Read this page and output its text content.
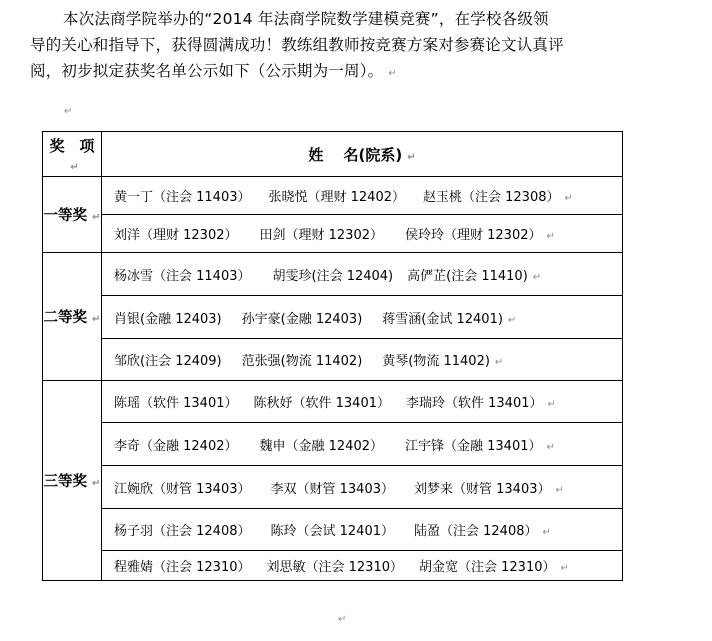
本次法商学院举办的“2014 年法商学院数学建模竞赛”，在学校各级领

导的关心和指导下，获得圆满成功！教练组教师按竞赛方案对参赛论文认真评

阅，初步拟定获奖名单公示如下（公示期为一周）。 ↵

↵
奖　项↵	姓　 名(院系) ↵
一等奖 ↵	黄一丁（注会 11403） 张晓悦（理财 12402） 赵玉桃（注会 12308） ↵
	刘洋（理财 12302） 田剑（理财 12302） 侯玲玲（理财 12302） ↵
二等奖 ↵	杨冰雪（注会 11403） 胡雯珍(注会 12404) 高俨芷(注会 11410) ↵
	肖银(金融 12403) 孙宇豪(金融 12403) 蒋雪涵(金试 12401) ↵
	邹欣(注会 12409) 范张强(物流 11402) 黄琴(物流 11402) ↵
三等奖 ↵	陈瑶（软件 13401） 陈秋妤（软件 13401） 李瑞玲（软件 13401） ↵
	李奇（金融 12402） 魏申（金融 12402） 江宇锋（金融 13401） ↵
	江婉欣（财管 13403） 李双（财管 13403） 刘梦来（财管 13403） ↵
	杨子羽（注会 12408） 陈玲（会试 12401） 陆盈（注会 12408） ↵
	程雅婧（注会 12310） 刘思敏（注会 12310） 胡金宽（注会 12310） ↵
↵
